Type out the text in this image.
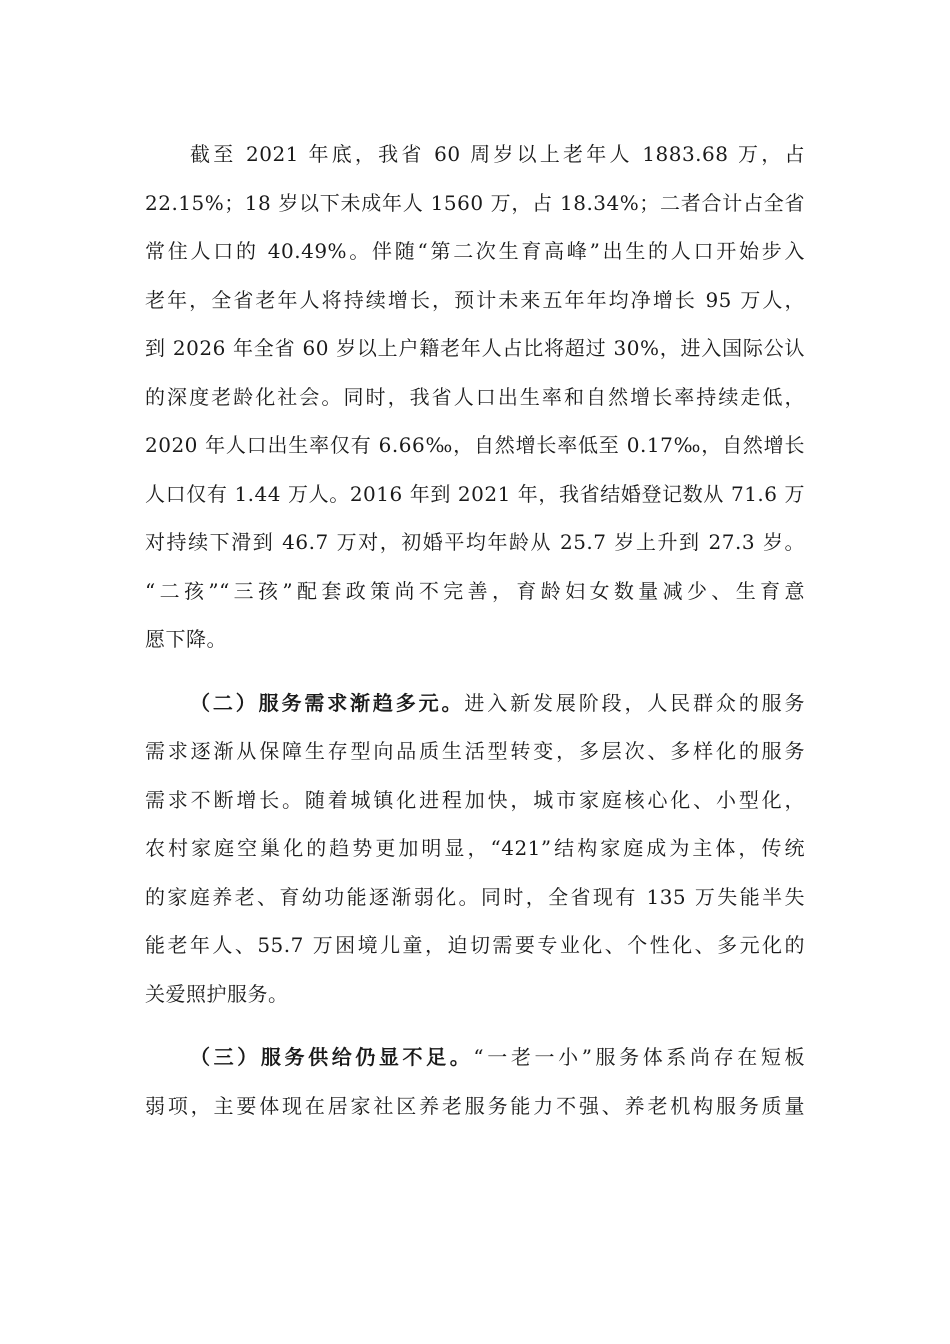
截至 2021 年底，我省 60 周岁以上老年人 1883.68 万，占
22.15%；18 岁以下未成年人 1560 万，占 18.34%；二者合计占全省
常住人口的 40.49%。伴随“第二次生育高峰”出生的人口开始步入
老年，全省老年人将持续增长，预计未来五年年均净增长 95 万人，
到 2026 年全省 60 岁以上户籍老年人占比将超过 30%，进入国际公认
的深度老龄化社会。同时，我省人口出生率和自然增长率持续走低，
2020 年人口出生率仅有 6.66‰，自然增长率低至 0.17‰，自然增长
人口仅有 1.44 万人。2016 年到 2021 年，我省结婚登记数从 71.6 万
对持续下滑到 46.7 万对，初婚平均年龄从 25.7 岁上升到 27.3 岁。
“二孩”“三孩”配套政策尚不完善，育龄妇女数量减少、生育意
愿下降。
（二）服务需求渐趋多元。进入新发展阶段，人民群众的服务
需求逐渐从保障生存型向品质生活型转变，多层次、多样化的服务
需求不断增长。随着城镇化进程加快，城市家庭核心化、小型化，
农村家庭空巢化的趋势更加明显，“421”结构家庭成为主体，传统
的家庭养老、育幼功能逐渐弱化。同时，全省现有 135 万失能半失
能老年人、55.7 万困境儿童，迫切需要专业化、个性化、多元化的
关爱照护服务。
（三）服务供给仍显不足。“一老一小”服务体系尚存在短板
弱项，主要体现在居家社区养老服务能力不强、养老机构服务质量
